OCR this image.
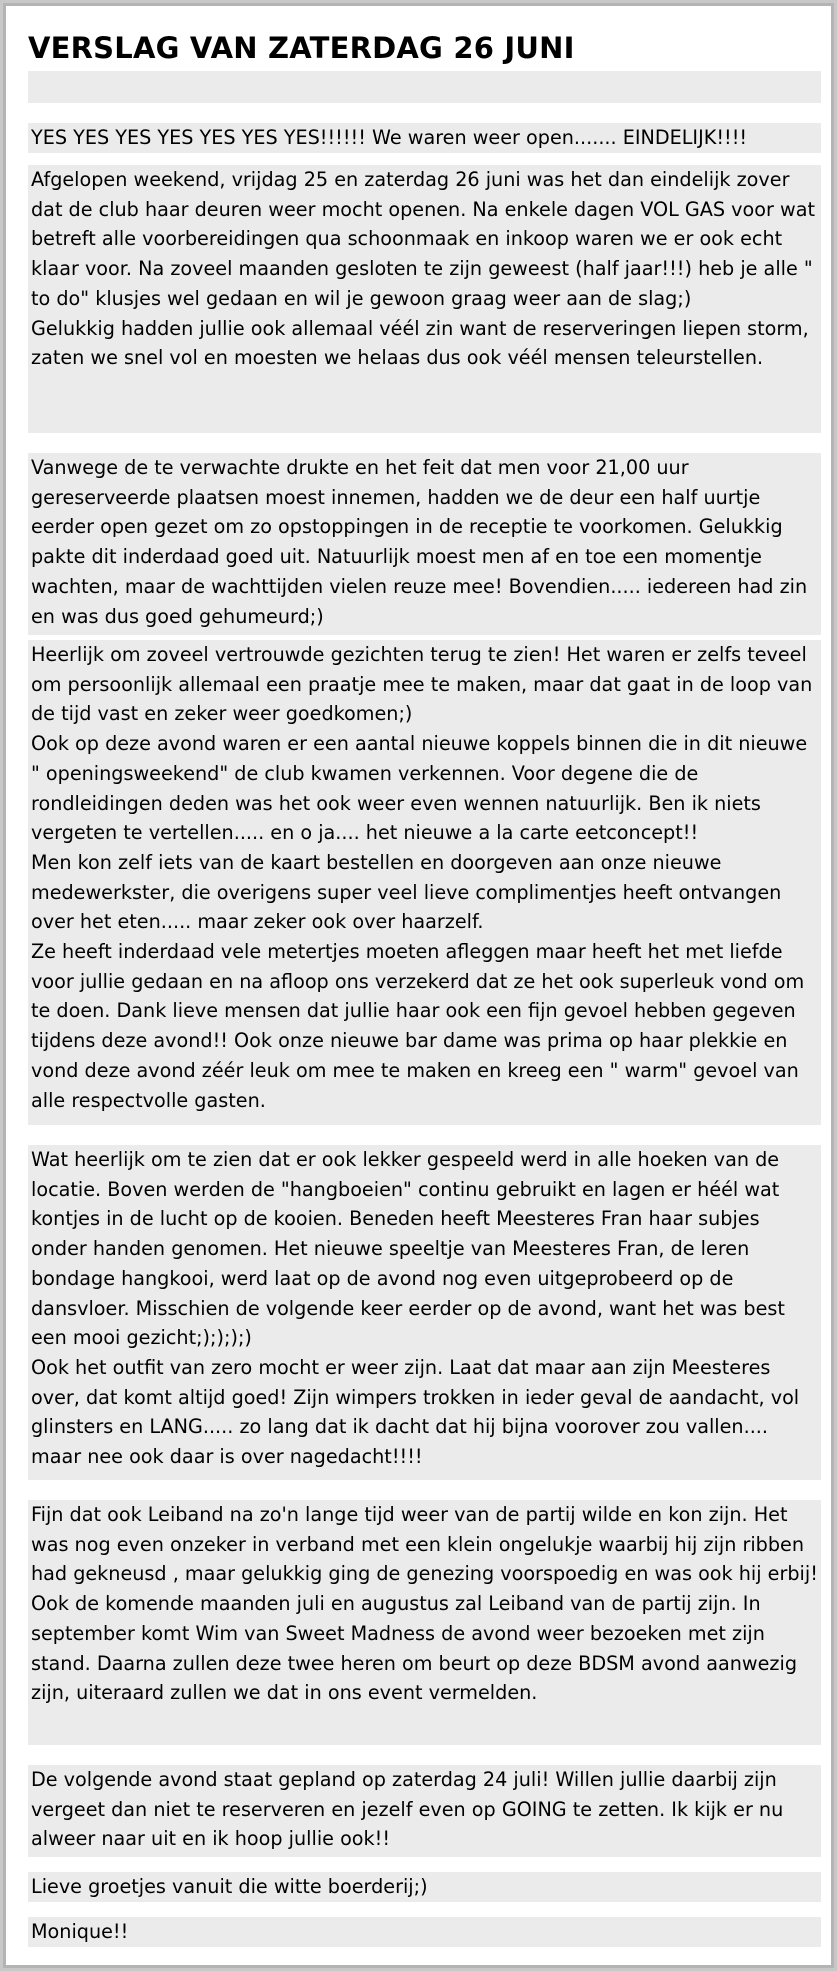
VERSLAG VAN ZATERDAG 26 JUNI
YES YES YES YES YES YES YES!!!!!! We waren weer open....... EINDELIJK!!!!
Afgelopen weekend, vrijdag 25 en zaterdag 26 juni was het dan eindelijk zover dat de club haar deuren weer mocht openen. Na enkele dagen VOL GAS voor wat betreft alle voorbereidingen qua schoonmaak en inkoop waren we er ook echt klaar voor. Na zoveel maanden gesloten te zijn geweest (half jaar!!!) heb je alle " to do" klusjes wel gedaan en wil je gewoon graag weer aan de slag;)
Gelukkig hadden jullie ook allemaal véél zin want de reserveringen liepen storm, zaten we snel vol en moesten we helaas dus ook véél mensen teleurstellen.
Vanwege de te verwachte drukte en het feit dat men voor 21,00 uur gereserveerde plaatsen moest innemen, hadden we de deur een half uurtje eerder open gezet om zo opstoppingen in de receptie te voorkomen. Gelukkig pakte dit inderdaad goed uit. Natuurlijk moest men af en toe een momentje wachten, maar de wachttijden vielen reuze mee! Bovendien..... iedereen had zin en was dus goed gehumeurd;)
Heerlijk om zoveel vertrouwde gezichten terug te zien! Het waren er zelfs teveel om persoonlijk allemaal een praatje mee te maken, maar dat gaat in de loop van de tijd vast en zeker weer goedkomen;)
Ook op deze avond waren er een aantal nieuwe koppels binnen die in dit nieuwe " openingsweekend" de club kwamen verkennen. Voor degene die de rondleidingen deden was het ook weer even wennen natuurlijk. Ben ik niets vergeten te vertellen..... en o ja.... het nieuwe a la carte eetconcept!!
Men kon zelf iets van de kaart bestellen en doorgeven aan onze nieuwe medewerkster, die overigens super veel lieve complimentjes heeft ontvangen over het eten..... maar zeker ook over haarzelf.
Ze heeft inderdaad vele metertjes moeten afleggen maar heeft het met liefde voor jullie gedaan en na afloop ons verzekerd dat ze het ook superleuk vond om te doen. Dank lieve mensen dat jullie haar ook een fijn gevoel hebben gegeven tijdens deze avond!! Ook onze nieuwe bar dame was prima op haar plekkie en vond deze avond zéér leuk om mee te maken en kreeg een " warm" gevoel van alle respectvolle gasten.
Wat heerlijk om te zien dat er ook lekker gespeeld werd in alle hoeken van de locatie. Boven werden de "hangboeien" continu gebruikt en lagen er héél wat kontjes in de lucht op de kooien. Beneden heeft Meesteres Fran haar subjes onder handen genomen. Het nieuwe speeltje van Meesteres Fran, de leren bondage hangkooi, werd laat op de avond nog even uitgeprobeerd op de dansvloer. Misschien de volgende keer eerder op de avond, want het was best een mooi gezicht;);););)
Ook het outfit van zero mocht er weer zijn. Laat dat maar aan zijn Meesteres over, dat komt altijd goed! Zijn wimpers trokken in ieder geval de aandacht, vol glinsters en LANG..... zo lang dat ik dacht dat hij bijna voorover zou vallen.... maar nee ook daar is over nagedacht!!!!
Fijn dat ook Leiband na zo'n lange tijd weer van de partij wilde en kon zijn. Het was nog even onzeker in verband met een klein ongelukje waarbij hij zijn ribben had gekneusd , maar gelukkig ging de genezing voorspoedig en was ook hij erbij!
Ook de komende maanden juli en augustus zal Leiband van de partij zijn. In september komt Wim van Sweet Madness de avond weer bezoeken met zijn stand. Daarna zullen deze twee heren om beurt op deze BDSM avond aanwezig zijn, uiteraard zullen we dat in ons event vermelden.
De volgende avond staat gepland op zaterdag 24 juli! Willen jullie daarbij zijn vergeet dan niet te reserveren en jezelf even op GOING te zetten. Ik kijk er nu alweer naar uit en ik hoop jullie ook!!
Lieve groetjes vanuit die witte boerderij;)
Monique!!
